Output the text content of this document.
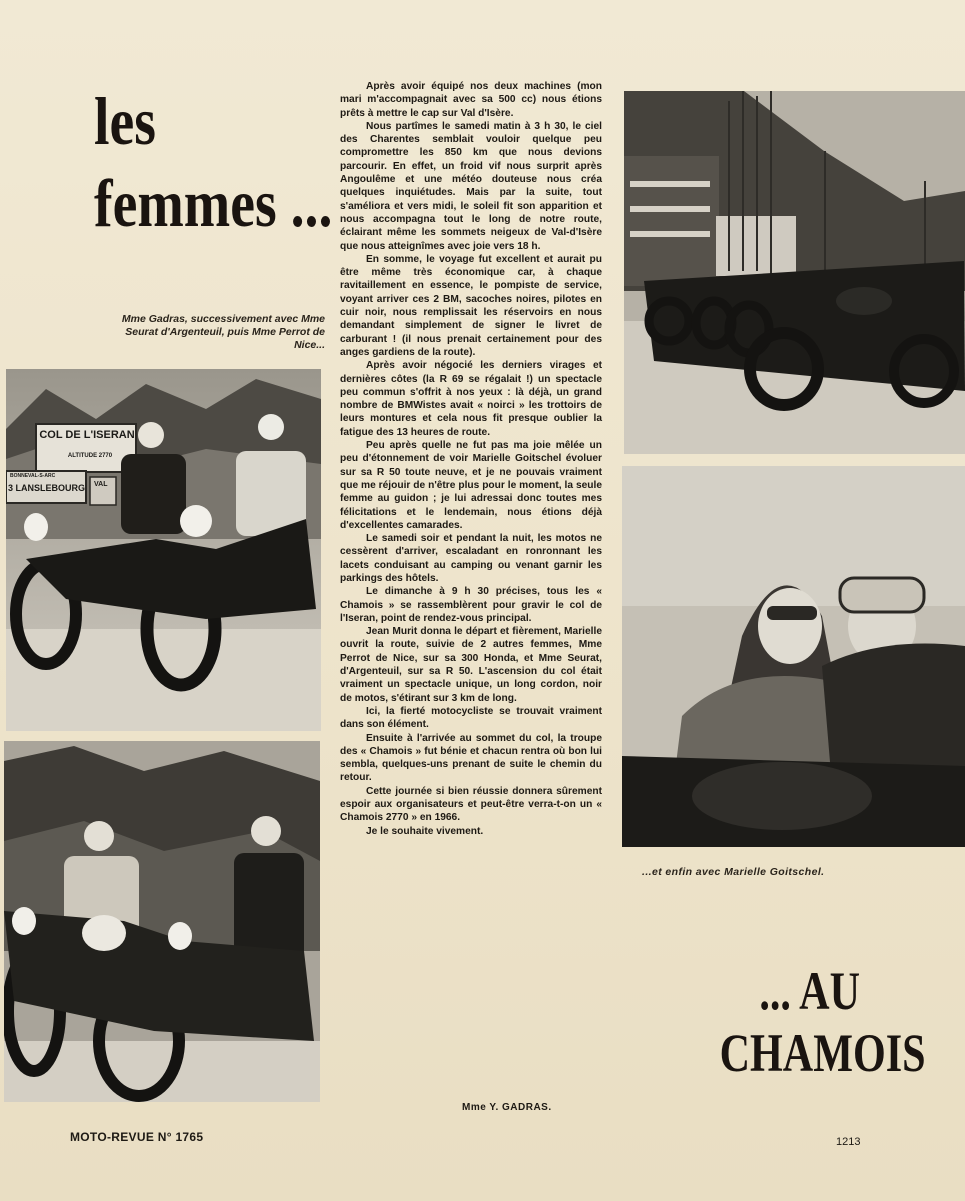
les
femmes ...
Mme Gadras, successivement avec Mme Seurat d'Argenteuil, puis Mme Perrot de Nice...
COL DE L'ISERAN
ALTITUDE 2770
BONNEVAL-S-ARC
3 LANSLEBOURG VAL
...et enfin avec Marielle Goitschel.

Après avoir équipé nos deux machines (mon mari m'accompagnait avec sa 500 cc) nous étions prêts à mettre le cap sur Val d'Isère.

Nous partîmes le samedi matin à 3 h 30, le ciel des Charentes semblait vouloir quelque peu compromettre les 850 km que nous devions parcourir. En effet, un froid vif nous surprit après Angoulême et une météo douteuse nous créa quelques inquiétudes. Mais par la suite, tout s'améliora et vers midi, le soleil fit son apparition et nous accompagna tout le long de notre route, éclairant même les sommets neigeux de Val-d'Isère que nous atteignîmes avec joie vers 18 h.

En somme, le voyage fut excellent et aurait pu être même très économique car, à chaque ravitaillement en essence, le pompiste de service, voyant arriver ces 2 BM, sacoches noires, pilotes en cuir noir, nous remplissait les réservoirs en nous demandant simplement de signer le livret de carburant ! (il nous prenait certainement pour des anges gardiens de la route).

Après avoir négocié les derniers virages et dernières côtes (la R 69 se régalait !) un spectacle peu commun s'offrit à nos yeux : là déjà, un grand nombre de BMWistes avait « noirci » les trottoirs de leurs montures et cela nous fit presque oublier la fatigue des 13 heures de route.

Peu après quelle ne fut pas ma joie mêlée un peu d'étonnement de voir Marielle Goitschel évoluer sur sa R 50 toute neuve, et je ne pouvais vraiment que me réjouir de n'être plus pour le moment, la seule femme au guidon ; je lui adressai donc toutes mes félicitations et le lendemain, nous étions déjà d'excellentes camarades.

Le samedi soir et pendant la nuit, les motos ne cessèrent d'arriver, escaladant en ronronnant les lacets conduisant au camping ou venant garnir les parkings des hôtels.

Le dimanche à 9 h 30 précises, tous les « Chamois » se rassemblèrent pour gravir le col de l'Iseran, point de rendez-vous principal.

Jean Murit donna le départ et fièrement, Marielle ouvrit la route, suivie de 2 autres femmes, Mme Perrot de Nice, sur sa 300 Honda, et Mme Seurat, d'Argenteuil, sur sa R 50. L'ascension du col était vraiment un spectacle unique, un long cordon, noir de motos, s'étirant sur 3 km de long.

Ici, la fierté motocycliste se trouvait vraiment dans son élément.

Ensuite à l'arrivée au sommet du col, la troupe des « Chamois » fut bénie et chacun rentra où bon lui sembla, quelques-uns prenant de suite le chemin du retour.

Cette journée si bien réussie donnera sûrement espoir aux organisateurs et peut-être verra-t-on un « Chamois 2770 » en 1966.

Je le souhaite vivement.

Mme Y. GADRAS.
... AU
CHAMOIS
MOTO-REVUE N° 1765	1213
